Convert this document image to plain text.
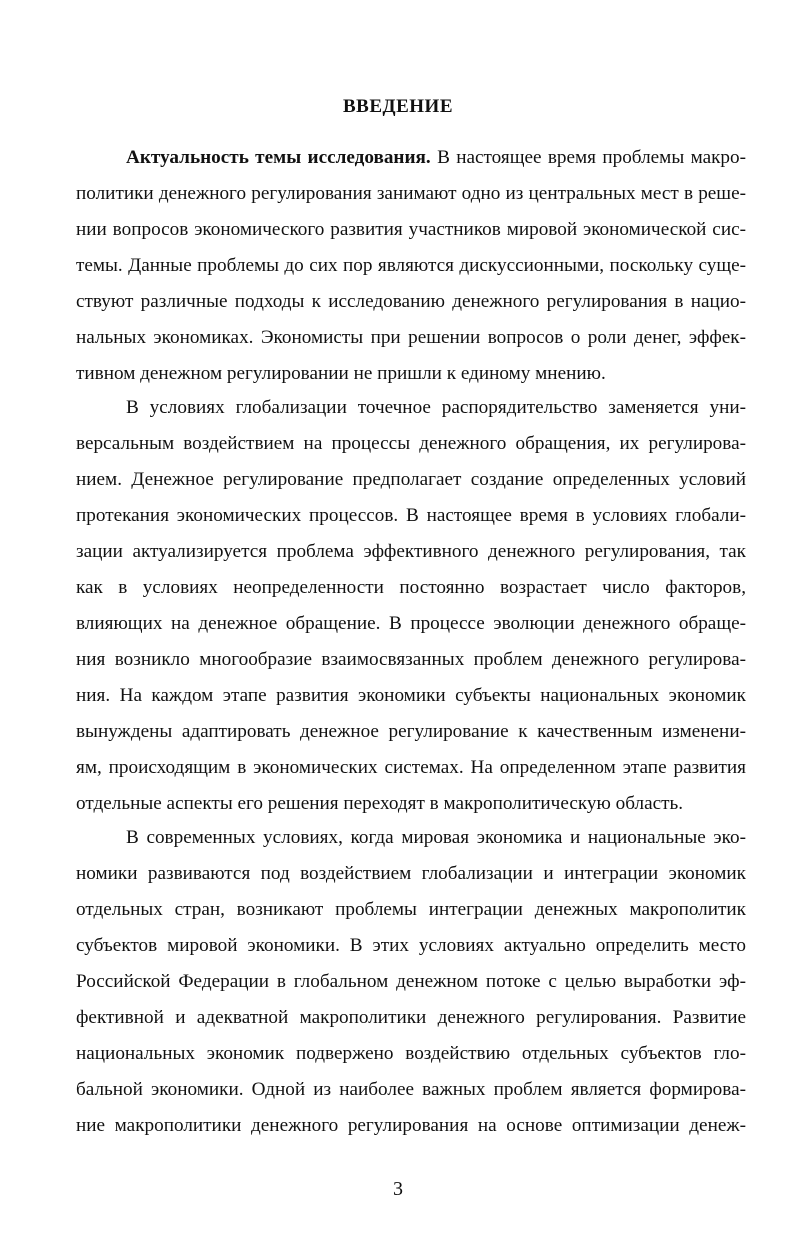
ВВЕДЕНИЕ

Актуальность темы исследования. В настоящее время проблемы макро-
политики денежного регулирования занимают одно из центральных мест в реше-
нии вопросов экономического развития участников мировой экономической сис-
темы. Данные проблемы до сих пор являются дискуссионными, поскольку суще-
ствуют различные подходы к исследованию денежного регулирования в нацио-
нальных экономиках. Экономисты при решении вопросов о роли денег, эффек-
тивном денежном регулировании не пришли к единому мнению.

В условиях глобализации точечное распорядительство заменяется уни-
версальным воздействием на процессы денежного обращения, их регулирова-
нием. Денежное регулирование предполагает создание определенных условий
протекания экономических процессов. В настоящее время в условиях глобали-
зации актуализируется проблема эффективного денежного регулирования, так
как в условиях неопределенности постоянно возрастает число факторов,
влияющих на денежное обращение. В процессе эволюции денежного обраще-
ния возникло многообразие взаимосвязанных проблем денежного регулирова-
ния. На каждом этапе развития экономики субъекты национальных экономик
вынуждены адаптировать денежное регулирование к качественным изменени-
ям, происходящим в экономических системах. На определенном этапе развития
отдельные аспекты его решения переходят в макрополитическую область.

В современных условиях, когда мировая экономика и национальные эко-
номики развиваются под воздействием глобализации и интеграции экономик
отдельных стран, возникают проблемы интеграции денежных макрополитик
субъектов мировой экономики. В этих условиях актуально определить место
Российской Федерации в глобальном денежном потоке с целью выработки эф-
фективной и адекватной макрополитики денежного регулирования. Развитие
национальных экономик подвержено воздействию отдельных субъектов гло-
бальной экономики. Одной из наиболее важных проблем является формирова-
ние макрополитики денежного регулирования на основе оптимизации денеж-

3
